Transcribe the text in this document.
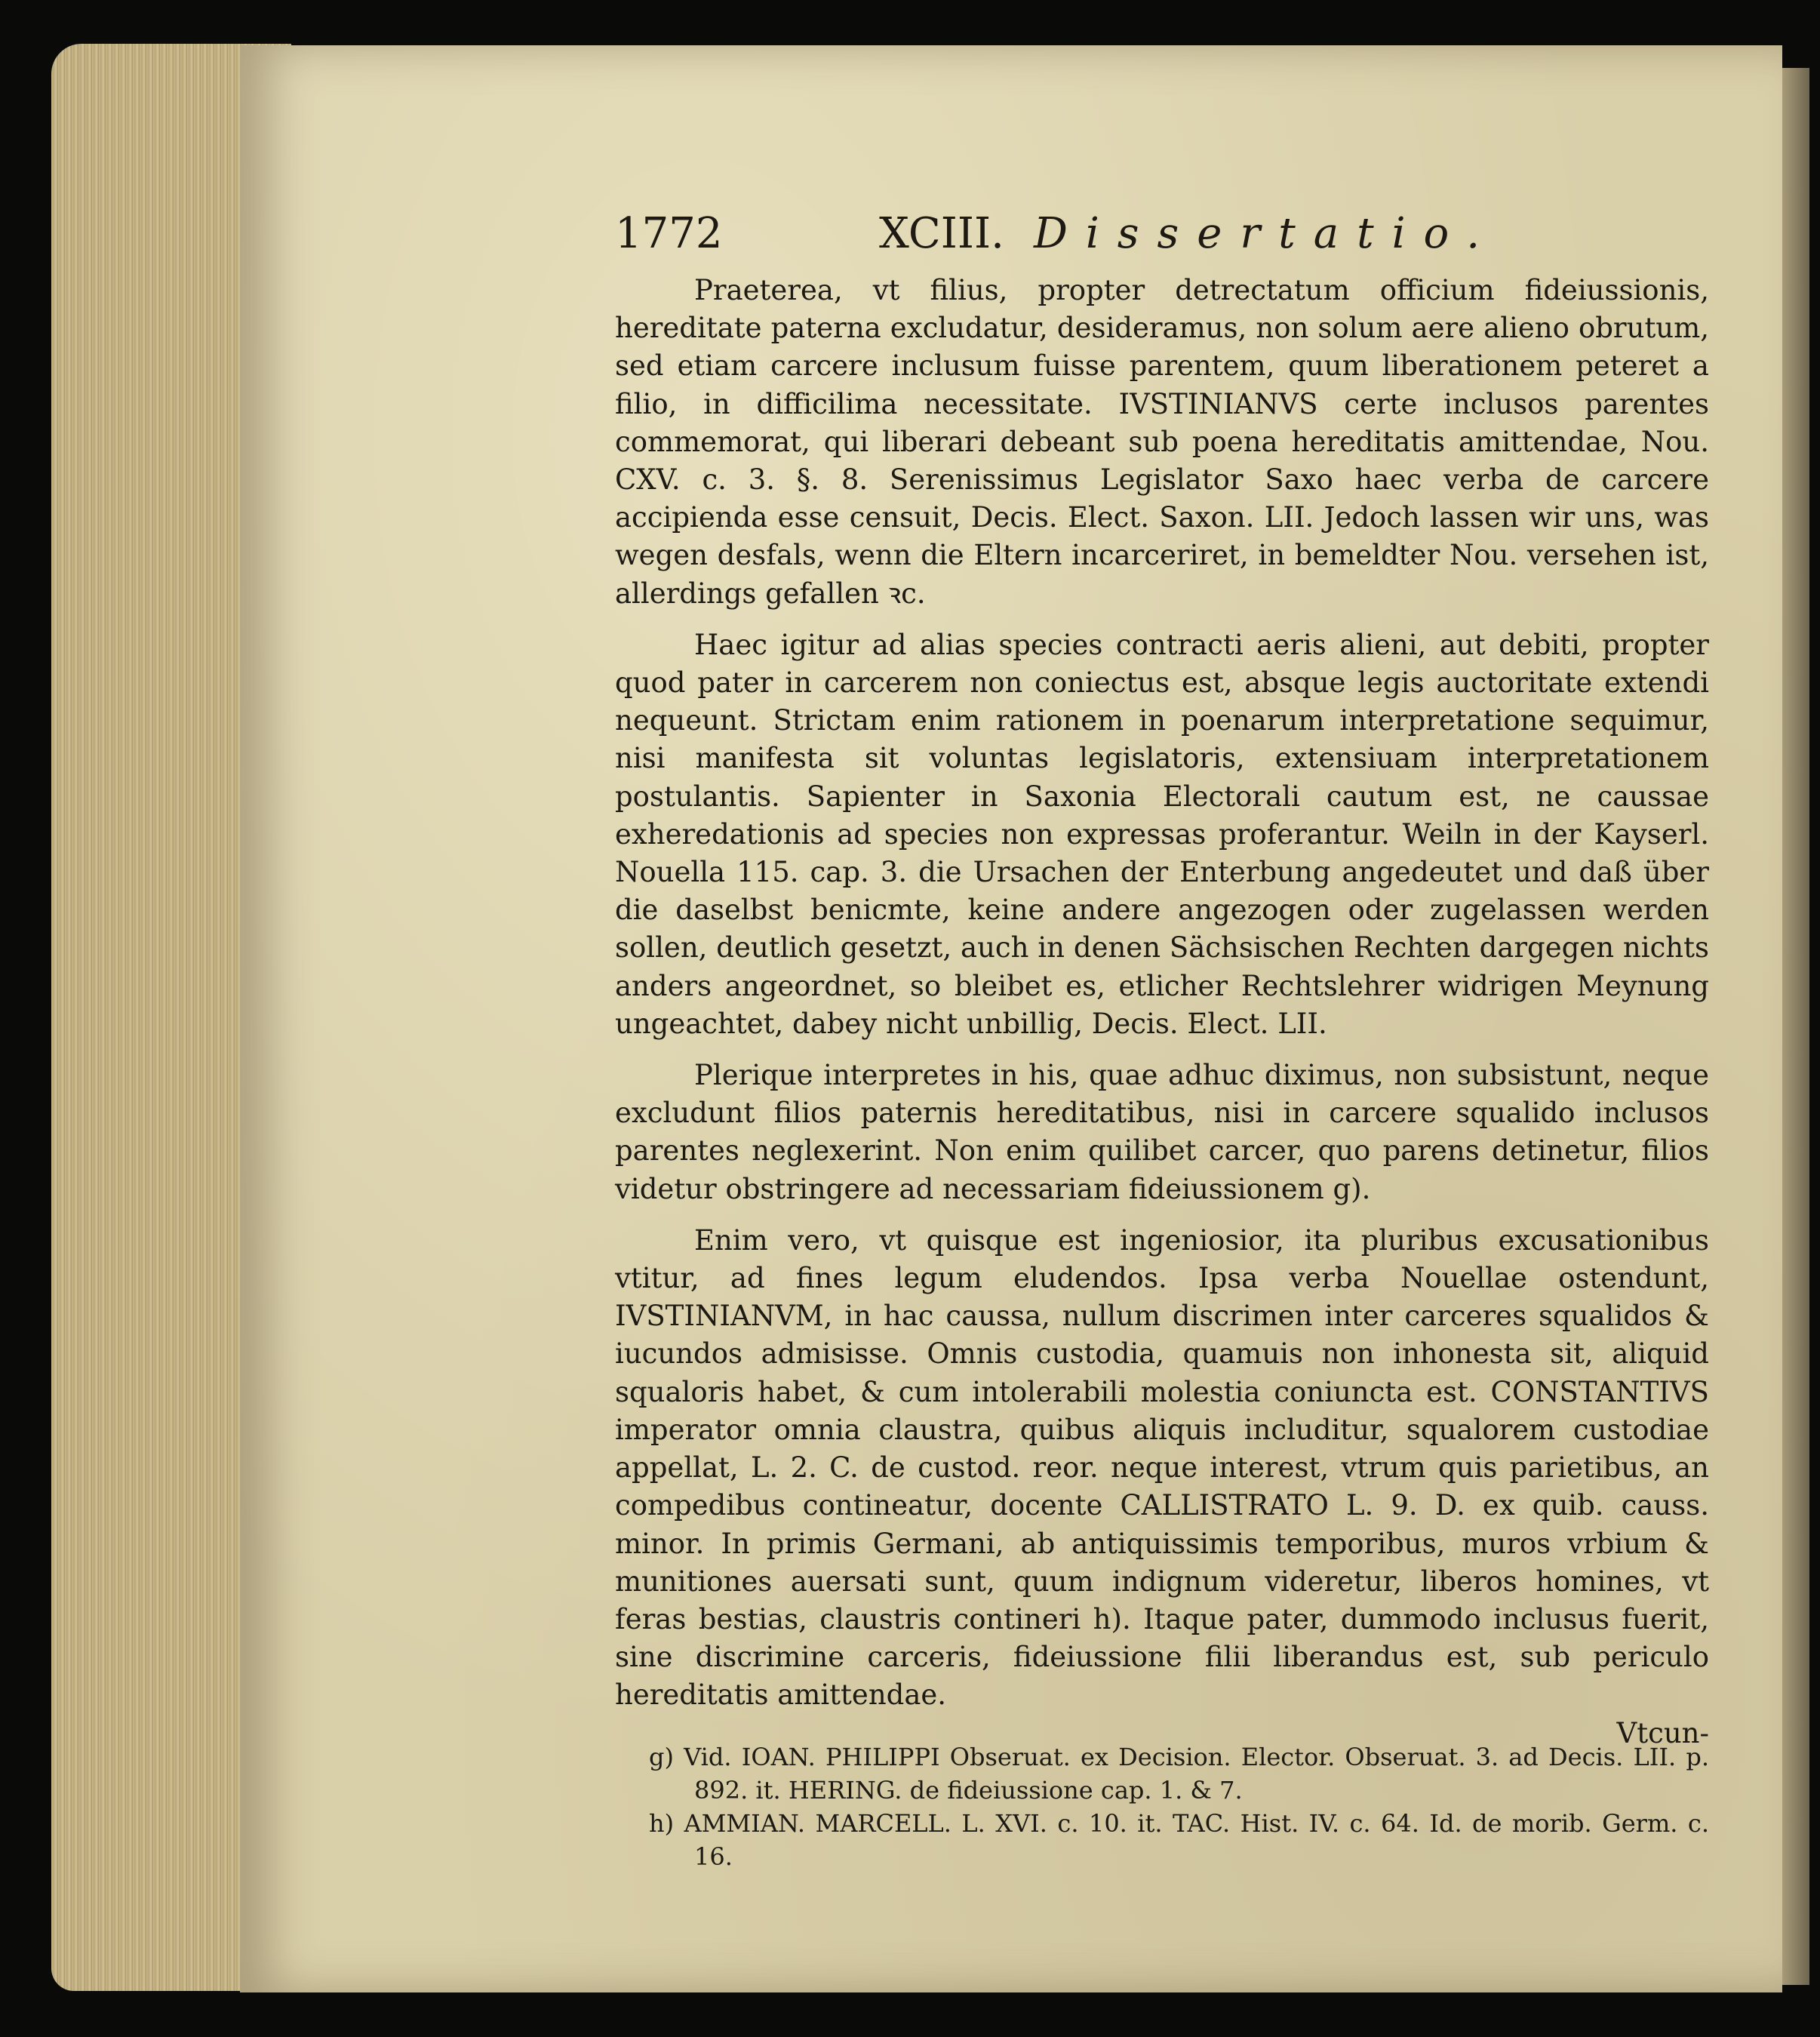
1772	XCIII. Dissertatio.

Praeterea, vt filius, propter detrectatum officium fideiussionis, hereditate paterna excludatur, desideramus, non solum aere alieno obrutum, sed etiam carcere inclusum fuisse parentem, quum liberationem peteret a filio, in difficilima necessitate. IVSTINIANVS certe inclusos parentes commemorat, qui liberari debeant sub poena hereditatis amittendae, Nou. CXV. c. 3. §. 8. Serenissimus Legislator Saxo haec verba de carcere accipienda esse censuit, Decis. Elect. Saxon. LII. Jedoch lassen wir uns, was wegen desfals, wenn die Eltern incarceriret, in bemeldter Nou. versehen ist, allerdings gefallen ꝛc.

Haec igitur ad alias species contracti aeris alieni, aut debiti, propter quod pater in carcerem non coniectus est, absque legis auctoritate extendi nequeunt. Strictam enim rationem in poenarum interpretatione sequimur, nisi manifesta sit voluntas legislatoris, extensiuam interpretationem postulantis. Sapienter in Saxonia Electorali cautum est, ne caussae exheredationis ad species non expressas proferantur. Weiln in der Kayserl. Nouella 115. cap. 3. die Ursachen der Enterbung angedeutet und daß über die daselbst benicmte, keine andere angezogen oder zugelassen werden sollen, deutlich gesetzt, auch in denen Sächsischen Rechten dargegen nichts anders angeordnet, so bleibet es, etlicher Rechtslehrer widrigen Meynung ungeachtet, dabey nicht unbillig, Decis. Elect. LII.

Plerique interpretes in his, quae adhuc diximus, non subsistunt, neque excludunt filios paternis hereditatibus, nisi in carcere squalido inclusos parentes neglexerint. Non enim quilibet carcer, quo parens detinetur, filios videtur obstringere ad necessariam fideiussionem g).

Enim vero, vt quisque est ingeniosior, ita pluribus excusationibus vtitur, ad fines legum eludendos. Ipsa verba Nouellae ostendunt, IVSTINIANVM, in hac caussa, nullum discrimen inter carceres squalidos & iucundos admisisse. Omnis custodia, quamuis non inhonesta sit, aliquid squaloris habet, & cum intolerabili molestia coniuncta est. CONSTANTIVS imperator omnia claustra, quibus aliquis includitur, squalorem custodiae appellat, L. 2. C. de custod. reor. neque interest, vtrum quis parietibus, an compedibus contineatur, docente CALLISTRATO L. 9. D. ex quib. causs. minor. In primis Germani, ab antiquissimis temporibus, muros vrbium & munitiones auersati sunt, quum indignum videretur, liberos homines, vt feras bestias, claustris contineri h). Itaque pater, dummodo inclusus fuerit, sine discrimine carceris, fideiussione filii liberandus est, sub periculo hereditatis amittendae.

Vtcun-

g) Vid. IOAN. PHILIPPI Obseruat. ex Decision. Elector. Obseruat. 3. ad Decis. LII. p. 892. it. HERING. de fideiussione cap. 1. & 7.

h) AMMIAN. MARCELL. L. XVI. c. 10. it. TAC. Hist. IV. c. 64. Id. de morib. Germ. c. 16.
